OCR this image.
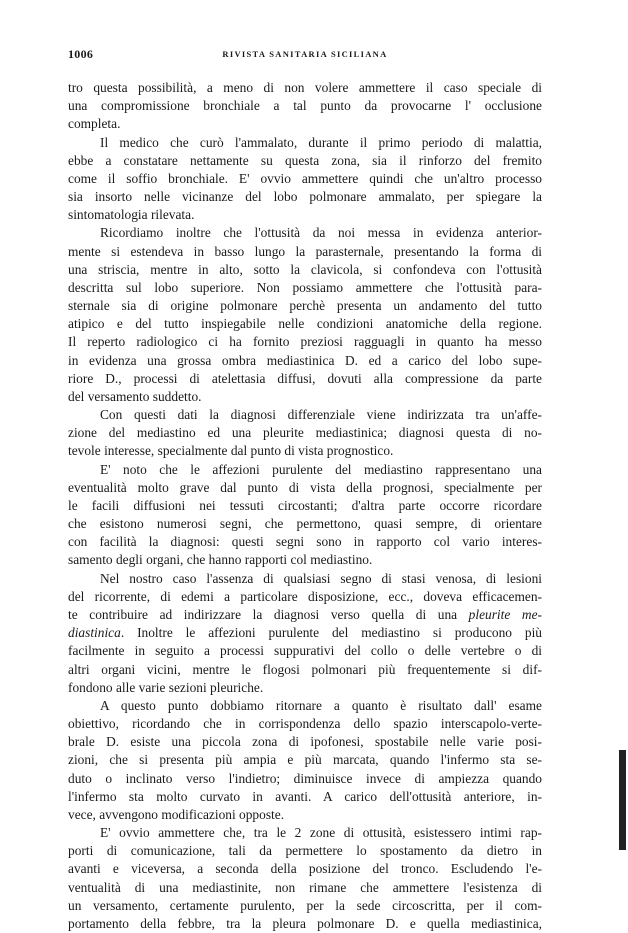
1006	RIVISTA SANITARIA SICILIANA
tro questa possibilità, a meno di non volere ammettere il caso speciale di
una compromissione bronchiale a tal punto da provocarne l' occlusione
completa.
Il medico che curò l'ammalato, durante il primo periodo di malattia,
ebbe a constatare nettamente su questa zona, sia il rinforzo del fremito
come il soffio bronchiale. E' ovvio ammettere quindi che un'altro processo
sia insorto nelle vicinanze del lobo polmonare ammalato, per spiegare la
sintomatologia rilevata.
Ricordiamo inoltre che l'ottusità da noi messa in evidenza anterior-
mente si estendeva in basso lungo la parasternale, presentando la forma di
una striscia, mentre in alto, sotto la clavicola, si confondeva con l'ottusità
descritta sul lobo superiore. Non possiamo ammettere che l'ottusità para-
sternale sia di origine polmonare perchè presenta un andamento del tutto
atipico e del tutto inspiegabile nelle condizioni anatomiche della regione.
Il reperto radiologico ci ha fornito preziosi ragguagli in quanto ha messo
in evidenza una grossa ombra mediastinica D. ed a carico del lobo supe-
riore D., processi di atelettasia diffusi, dovuti alla compressione da parte
del versamento suddetto.
Con questi dati la diagnosi differenziale viene indirizzata tra un'affe-
zione del mediastino ed una pleurite mediastinica; diagnosi questa di no-
tevole interesse, specialmente dal punto di vista prognostico.
E' noto che le affezioni purulente del mediastino rappresentano una
eventualità molto grave dal punto di vista della prognosi, specialmente per
le facili diffusioni nei tessuti circostanti; d'altra parte occorre ricordare
che esistono numerosi segni, che permettono, quasi sempre, di orientare
con facilità la diagnosi: questi segni sono in rapporto col vario interes-
samento degli organi, che hanno rapporti col mediastino.
Nel nostro caso l'assenza di qualsiasi segno di stasi venosa, di lesioni
del ricorrente, di edemi a particolare disposizione, ecc., doveva efficacemen-
te contribuire ad indirizzare la diagnosi verso quella di una pleurite me-
diastinica. Inoltre le affezioni purulente del mediastino si producono più
facilmente in seguito a processi suppurativi del collo o delle vertebre o di
altri organi vicini, mentre le flogosi polmonari più frequentemente si dif-
fondono alle varie sezioni pleuriche.
A questo punto dobbiamo ritornare a quanto è risultato dall' esame
obiettivo, ricordando che in corrispondenza dello spazio interscapolo-verte-
brale D. esiste una piccola zona di ipofonesi, spostabile nelle varie posi-
zioni, che si presenta più ampia e più marcata, quando l'infermo sta se-
duto o inclinato verso l'indietro; diminuisce invece di ampiezza quando
l'infermo sta molto curvato in avanti. A carico dell'ottusità anteriore, in-
vece, avvengono modificazioni opposte.
E' ovvio ammettere che, tra le 2 zone di ottusità, esistessero intimi rap-
porti di comunicazione, tali da permettere lo spostamento da dietro in
avanti e viceversa, a seconda della posizione del tronco. Escludendo l'e-
ventualità di una mediastinite, non rimane che ammettere l'esistenza di
un versamento, certamente purulento, per la sede circoscritta, per il com-
portamento della febbre, tra la pleura polmonare D. e quella mediastinica,
